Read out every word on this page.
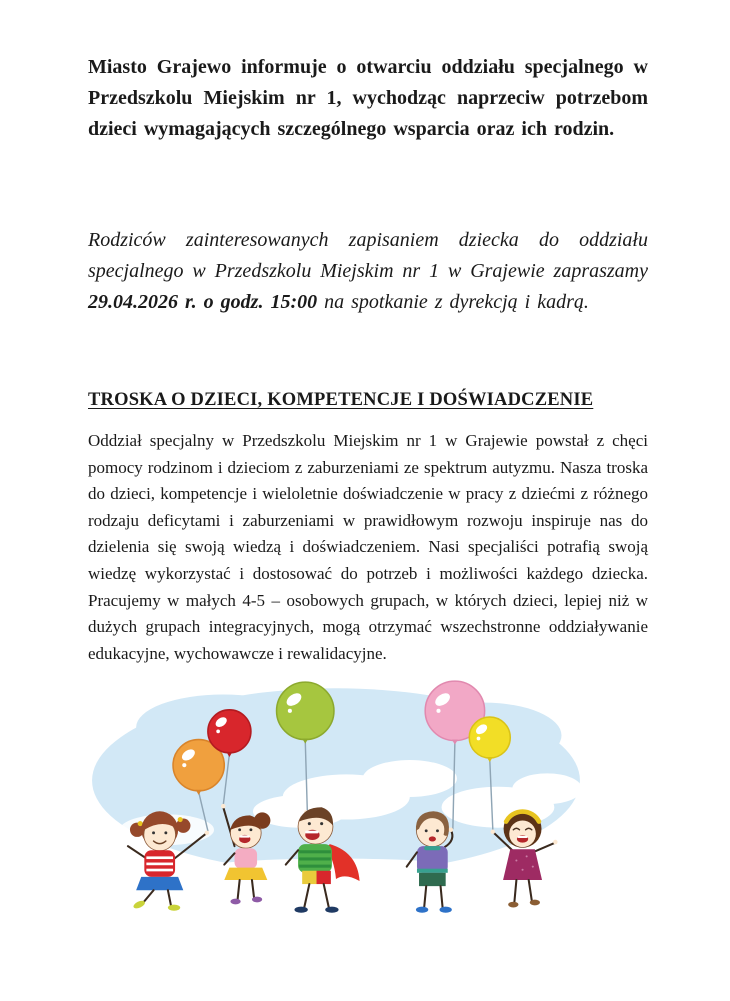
Miasto Grajewo informuje o otwarciu oddziału specjalnego w Przedszkolu Miejskim nr 1, wychodząc naprzeciw potrzebom dzieci wymagających szczególnego wsparcia oraz ich rodzin.

Rodziców zainteresowanych zapisaniem dziecka do oddziału specjalnego w Przedszkolu Miejskim nr 1 w Grajewie zapraszamy 29.04.2026 r. o godz. 15:00 na spotkanie z dyrekcją i kadrą.

TROSKA O DZIECI, KOMPETENCJE I DOŚWIADCZENIE

Oddział specjalny w Przedszkolu Miejskim nr 1 w Grajewie powstał z chęci pomocy rodzinom i dzieciom z zaburzeniami ze spektrum autyzmu. Nasza troska do dzieci, kompetencje i wieloletnie doświadczenie w pracy z dziećmi z różnego rodzaju deficytami i zaburzeniami w prawidłowym rozwoju inspiruje nas do dzielenia się swoją wiedzą i doświadczeniem. Nasi specjaliści potrafią swoją wiedzę wykorzystać i dostosować do potrzeb i możliwości każdego dziecka. Pracujemy w małych 4-5 – osobowych grupach, w których dzieci, lepiej niż w dużych grupach integracyjnych, mogą otrzymać wszechstronne oddziaływanie edukacyjne, wychowawcze i rewalidacyjne.
